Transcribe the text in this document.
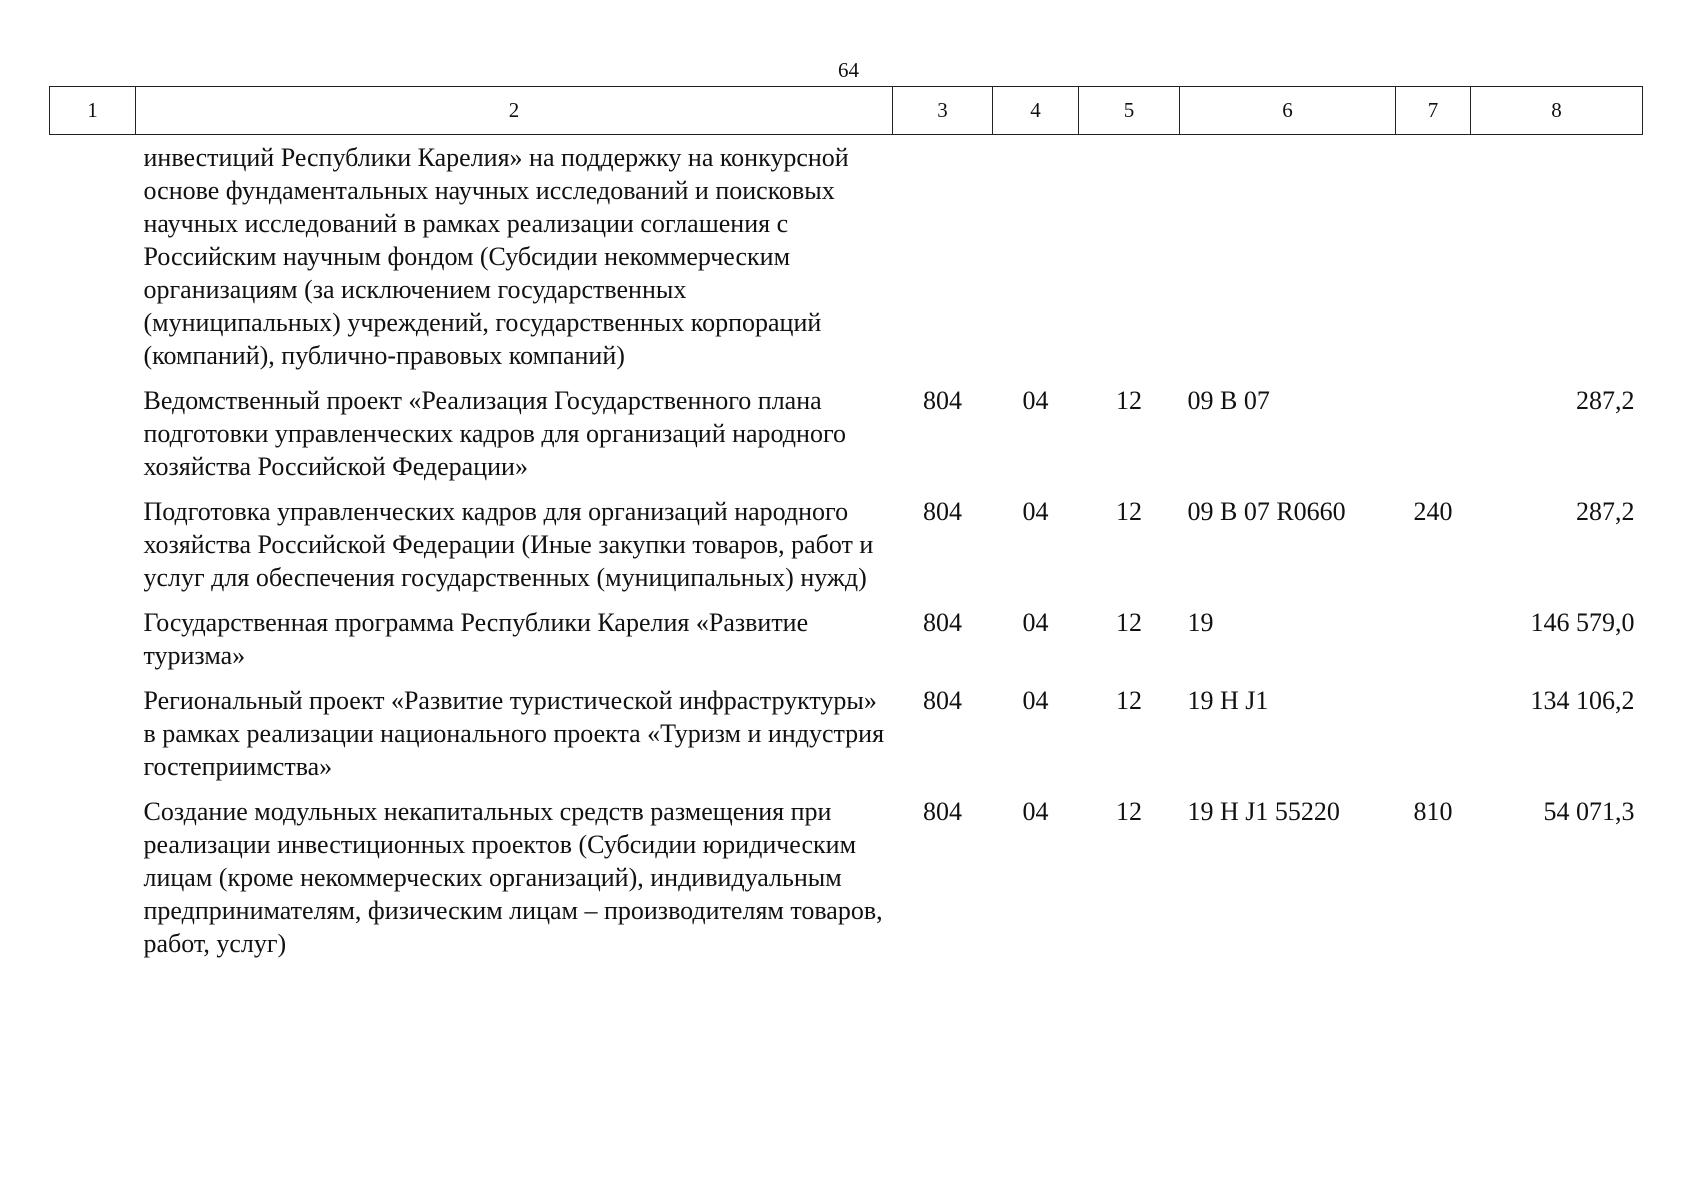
64
1	2	3	4	5	6	7	8
	инвестиций Республики Карелия» на поддержку на конкурсной основе фундаментальных научных исследований и поисковых научных исследований в рамках реализации соглашения с Российским научным фондом (Субсидии некоммерческим организациям (за исключением государственных (муниципальных) учреждений, государственных корпораций (компаний), публично-правовых компаний)						
	Ведомственный проект «Реализация Государственного плана подготовки управленческих кадров для организаций народного хозяйства Российской Федерации»	804	04	12	09 В 07		287,2
	Подготовка управленческих кадров для организаций народного хозяйства Российской Федерации (Иные закупки товаров, работ и услуг для обеспечения государственных (муниципальных) нужд)	804	04	12	09 В 07 R0660	240	287,2
	Государственная программа Республики Карелия «Развитие туризма»	804	04	12	19		146 579,0
	Региональный проект «Развитие туристической инфраструктуры» в рамках реализации национального проекта «Туризм и индустрия гостеприимства»	804	04	12	19 Н J1		134 106,2
	Создание модульных некапитальных средств размещения при реализации инвестиционных проектов (Субсидии юридическим лицам (кроме некоммерческих организаций), индивидуальным предпринимателям, физическим лицам – производителям товаров, работ, услуг)	804	04	12	19 Н J1 55220	810	54 071,3
